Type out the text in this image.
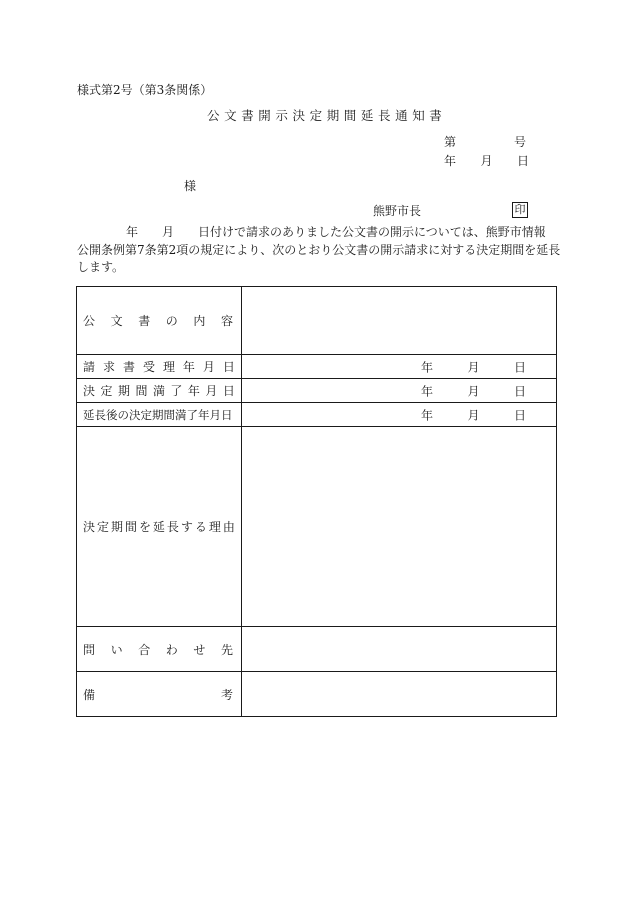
様式第2号（第3条関係）
公文書開示決定期間延長通知書
第	号
年 月 日
様
熊野市長	印
年 月 日付けで請求のありました公文書の開示については、熊野市情報
公開条例第7条第2項の規定により、次のとおり公文書の開示請求に対する決定期間を延長
します。
公 文 書 の 内 容
請 求 書 受 理 年 月 日	年	月	日
決 定 期 間 満 了 年 月 日	年	月	日
延長後の決定期間満了年月日	年	月	日
決 定 期 間 を 延 長 す る 理 由
問 い 合 わ せ 先
備	考
